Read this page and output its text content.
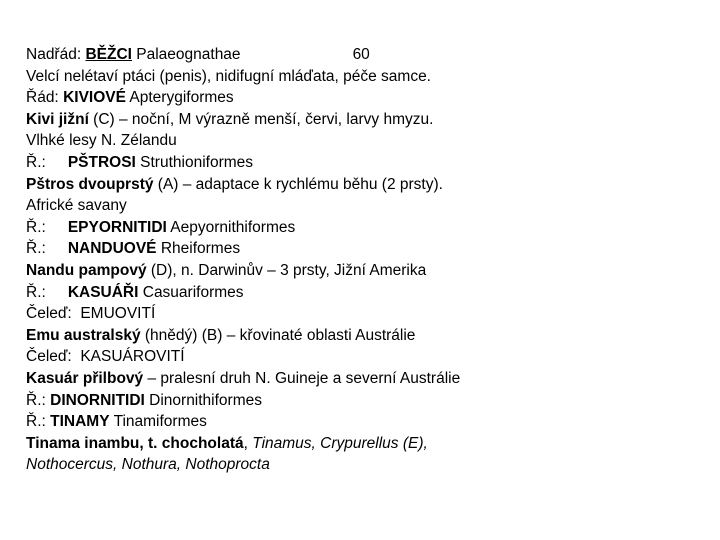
Nadřád: BĚŽCI Palaeognathae	60
Velcí nelétaví ptáci (penis), nidifugní mláďata, péče samce.
Řád: KIVIOVÉ Apterygiformes
Kivi jižní (C) – noční, M výrazně menší, červi, larvy hmyzu.
Vlhké lesy N. Zélandu
Ř.: PŠTROSI Struthioniformes
Pštros dvouprstý (A) – adaptace k rychlému běhu (2 prsty).
Africké savany
Ř.: EPYORNITIDI Aepyornithiformes
Ř.: NANDUOVÉ Rheiformes
Nandu pampový (D), n. Darwinův – 3 prsty, Jižní Amerika
Ř.: KASUÁŘI Casuariformes
Čeleď:  EMUOVITÍ
Emu australský (hnědý) (B) – křovinaté oblasti Austrálie
Čeleď:  KASUÁROVITÍ
Kasuár přilbový – pralesní druh N. Guineje a severní Austrálie
Ř.: DINORNITIDI Dinornithiformes
Ř.: TINAMY Tinamiformes
Tinama inambu, t. chocholatá, Tinamus, Crypurellus (E),
Nothocercus, Nothura, Nothoprocta
